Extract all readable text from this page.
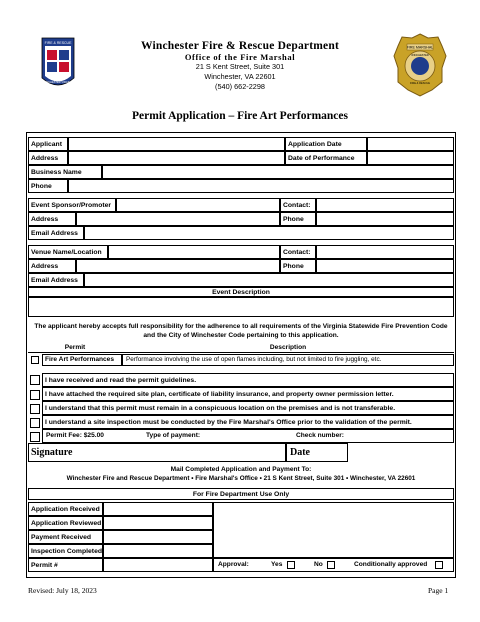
FIRE & RESCUE
WINCHESTER VIRGINIA
Winchester Fire & Rescue Department
Office of the Fire Marshal
21 S Kent Street, Suite 301
Winchester, VA 22601
(540) 662-2298
FIRE MARSHAL
WINCHESTER
FIRE & RESCUE
Permit Application – Fire Art Performances
Applicant	Application Date
Address	Date of Performance
Business Name
Phone
Event Sponsor/Promoter	Contact:
Address	Phone
Email Address
Venue Name/Location	Contact:
Address	Phone
Email Address
Event Description
The applicant hereby accepts full responsibility for the adherence to all requirements of the Virginia Statewide Fire Prevention Code and the City of Winchester Code pertaining to this application.
Permit	Description
Fire Art Performances	Performance involving the use of open flames including, but not limited to fire juggling, etc.
I have received and read the permit guidelines.
I have attached the required site plan, certificate of liability insurance, and property owner permission letter.
I understand that this permit must remain in a conspicuous location on the premises and is not transferable.
I understand a site inspection must be conducted by the Fire Marshal's Office prior to the validation of the permit.
Permit Fee: $25.00	Type of payment:	Check number:
Signature	Date
Mail Completed Application and Payment To:
Winchester Fire and Rescue Department • Fire Marshal's Office • 21 S Kent Street, Suite 301 • Winchester, VA 22601
For Fire Department Use Only
Application Received
Application Reviewed
Payment Received
Inspection Completed
Permit #	Approval:	Yes	No	Conditionally approved
Revised: July 18, 2023	Page 1
